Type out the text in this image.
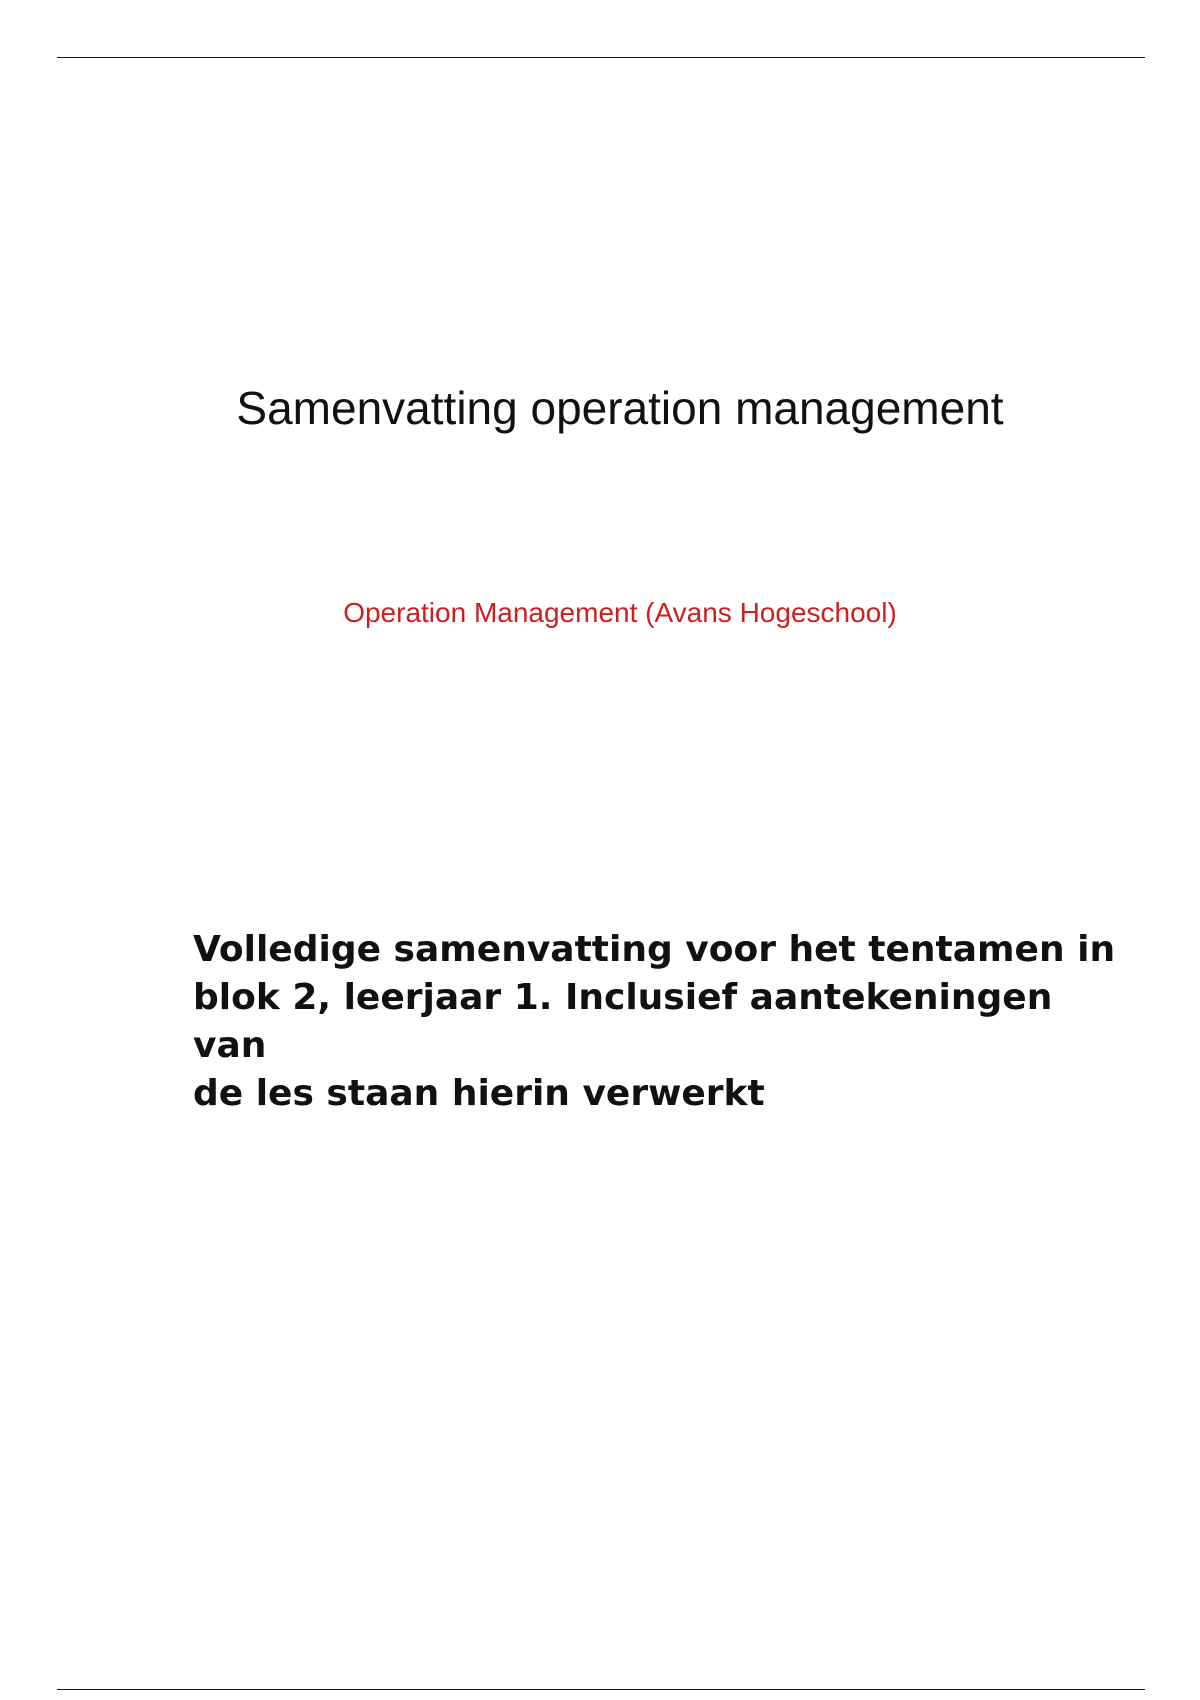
Samenvatting operation management
Operation Management (Avans Hogeschool)
Volledige samenvatting voor het tentamen in
blok 2, leerjaar 1. Inclusief aantekeningen
van
de les staan hierin verwerkt
